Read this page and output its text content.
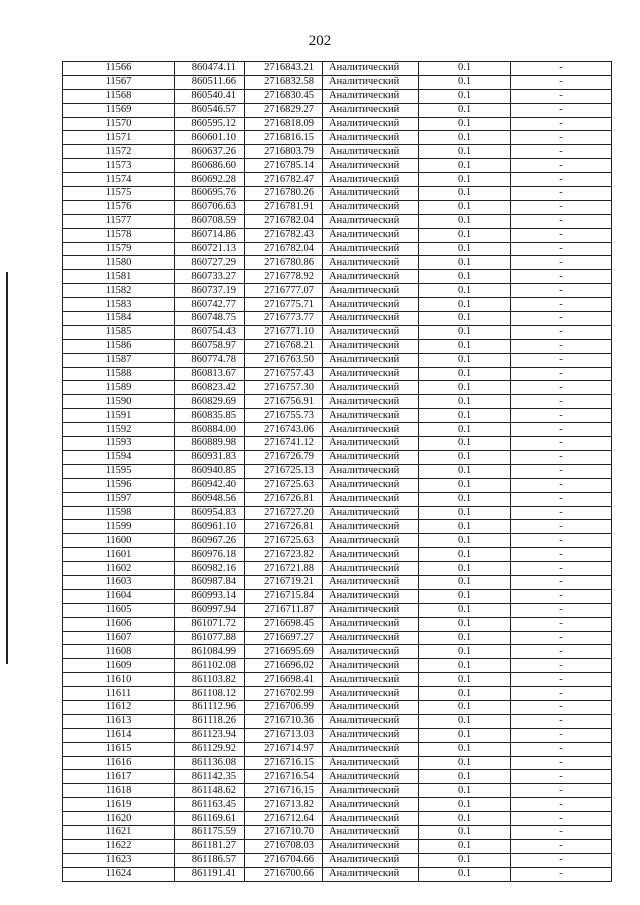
202
11566	860474.11	2716843.21	Аналитический	0.1	-
11567	860511.66	2716832.58	Аналитический	0.1	-
11568	860540.41	2716830.45	Аналитический	0.1	-
11569	860546.57	2716829.27	Аналитический	0.1	-
11570	860595.12	2716818.09	Аналитический	0.1	-
11571	860601.10	2716816.15	Аналитический	0.1	-
11572	860637.26	2716803.79	Аналитический	0.1	-
11573	860686.60	2716785.14	Аналитический	0.1	-
11574	860692.28	2716782.47	Аналитический	0.1	-
11575	860695.76	2716780.26	Аналитический	0.1	-
11576	860706.63	2716781.91	Аналитический	0.1	-
11577	860708.59	2716782.04	Аналитический	0.1	-
11578	860714.86	2716782.43	Аналитический	0.1	-
11579	860721.13	2716782.04	Аналитический	0.1	-
11580	860727.29	2716780.86	Аналитический	0.1	-
11581	860733.27	2716778.92	Аналитический	0.1	-
11582	860737.19	2716777.07	Аналитический	0.1	-
11583	860742.77	2716775.71	Аналитический	0.1	-
11584	860748.75	2716773.77	Аналитический	0.1	-
11585	860754.43	2716771.10	Аналитический	0.1	-
11586	860758.97	2716768.21	Аналитический	0.1	-
11587	860774.78	2716763.50	Аналитический	0.1	-
11588	860813.67	2716757.43	Аналитический	0.1	-
11589	860823.42	2716757.30	Аналитический	0.1	-
11590	860829.69	2716756.91	Аналитический	0.1	-
11591	860835.85	2716755.73	Аналитический	0.1	-
11592	860884.00	2716743.06	Аналитический	0.1	-
11593	860889.98	2716741.12	Аналитический	0.1	-
11594	860931.83	2716726.79	Аналитический	0.1	-
11595	860940.85	2716725.13	Аналитический	0.1	-
11596	860942.40	2716725.63	Аналитический	0.1	-
11597	860948.56	2716726.81	Аналитический	0.1	-
11598	860954.83	2716727.20	Аналитический	0.1	-
11599	860961.10	2716726.81	Аналитический	0.1	-
11600	860967.26	2716725.63	Аналитический	0.1	-
11601	860976.18	2716723.82	Аналитический	0.1	-
11602	860982.16	2716721.88	Аналитический	0.1	-
11603	860987.84	2716719.21	Аналитический	0.1	-
11604	860993.14	2716715.84	Аналитический	0.1	-
11605	860997.94	2716711.87	Аналитический	0.1	-
11606	861071.72	2716698.45	Аналитический	0.1	-
11607	861077.88	2716697.27	Аналитический	0.1	-
11608	861084.99	2716695.69	Аналитический	0.1	-
11609	861102.08	2716696.02	Аналитический	0.1	-
11610	861103.82	2716698.41	Аналитический	0.1	-
11611	861108.12	2716702.99	Аналитический	0.1	-
11612	861112.96	2716706.99	Аналитический	0.1	-
11613	861118.26	2716710.36	Аналитический	0.1	-
11614	861123.94	2716713.03	Аналитический	0.1	-
11615	861129.92	2716714.97	Аналитический	0.1	-
11616	861136.08	2716716.15	Аналитический	0.1	-
11617	861142.35	2716716.54	Аналитический	0.1	-
11618	861148.62	2716716.15	Аналитический	0.1	-
11619	861163.45	2716713.82	Аналитический	0.1	-
11620	861169.61	2716712.64	Аналитический	0.1	-
11621	861175.59	2716710.70	Аналитический	0.1	-
11622	861181.27	2716708.03	Аналитический	0.1	-
11623	861186.57	2716704.66	Аналитический	0.1	-
11624	861191.41	2716700.66	Аналитический	0.1	-
